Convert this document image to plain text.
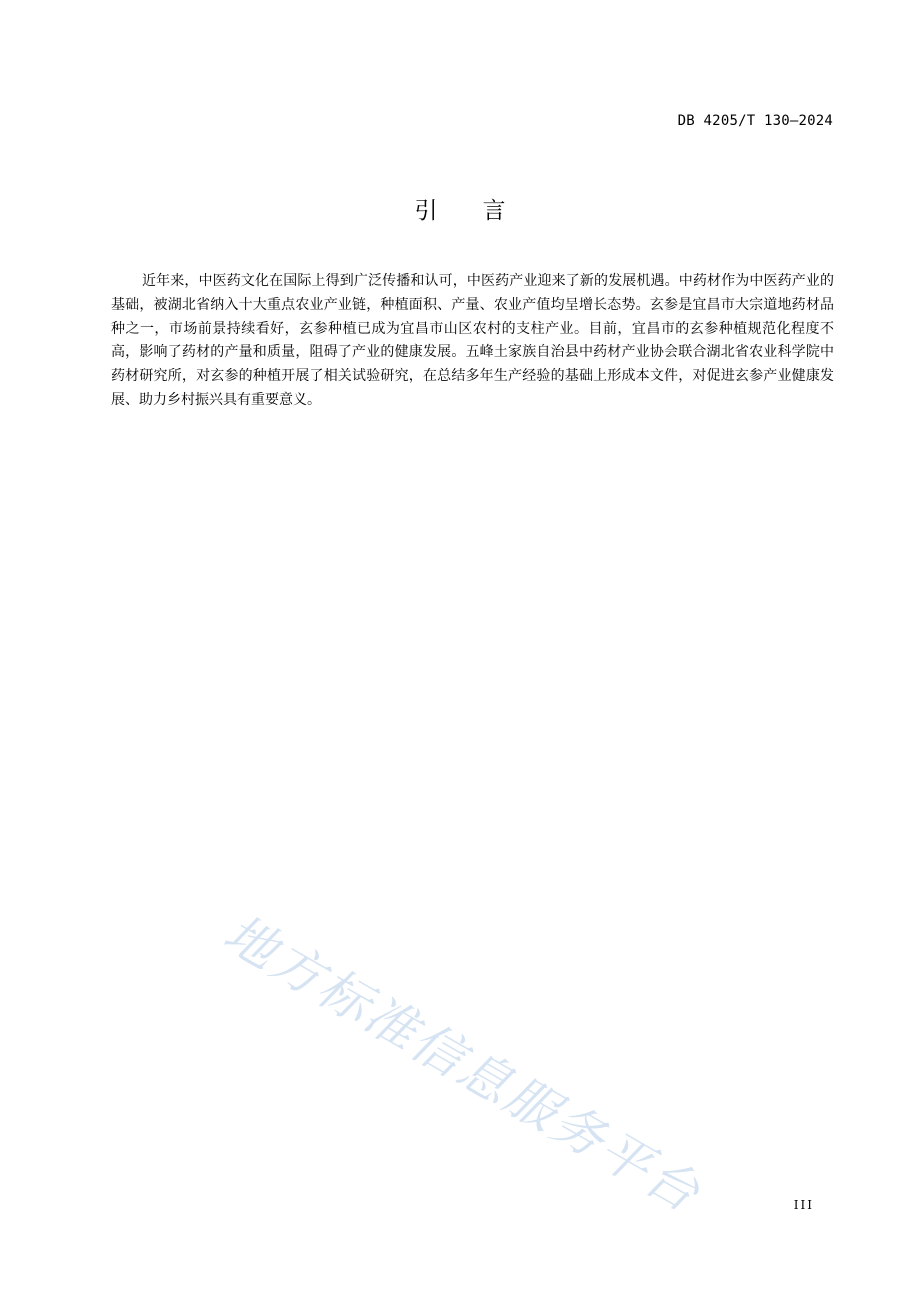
DB 4205/T 130—2024
引言

近年来，中医药文化在国际上得到广泛传播和认可，中医药产业迎来了新的发展机遇。中药材作为中医药产业的基础，被湖北省纳入十大重点农业产业链，种植面积、产量、农业产值均呈增长态势。玄参是宜昌市大宗道地药材品种之一，市场前景持续看好，玄参种植已成为宜昌市山区农村的支柱产业。目前，宜昌市的玄参种植规范化程度不高，影响了药材的产量和质量，阻碍了产业的健康发展。五峰土家族自治县中药材产业协会联合湖北省农业科学院中药材研究所，对玄参的种植开展了相关试验研究，在总结多年生产经验的基础上形成本文件，对促进玄参产业健康发展、助力乡村振兴具有重要意义。

地方标准信息服务平台	III
